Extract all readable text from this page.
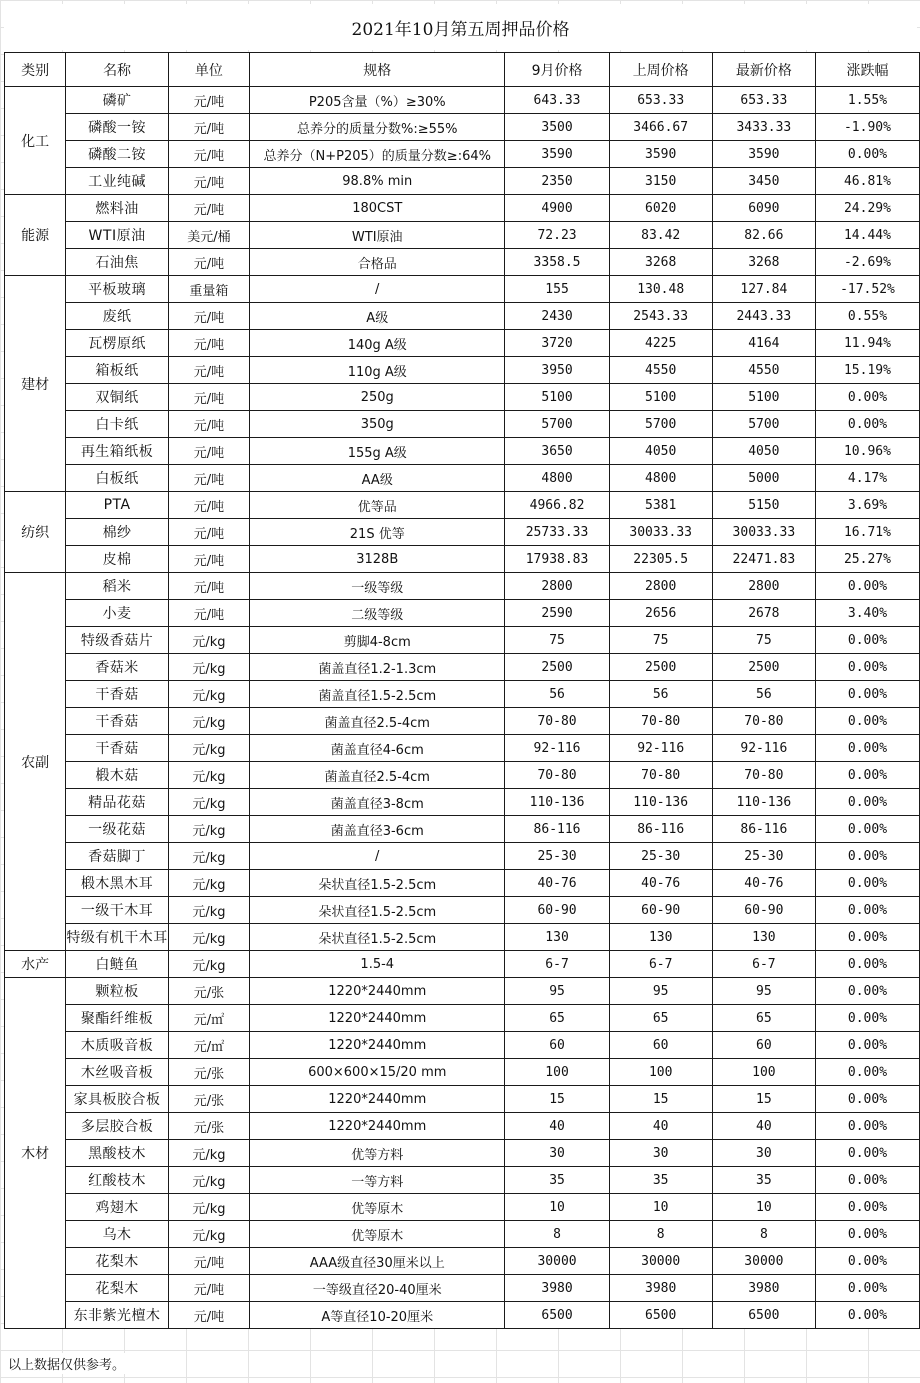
2021年10月第五周押品价格
类别	名称	单位	规格	9月价格	上周价格	最新价格	涨跌幅
化工	磷矿	元/吨	P205含量（%）≥30%	643.33	653.33	653.33	1.55%
	磷酸一铵	元/吨	总养分的质量分数%:≥55%	3500	3466.67	3433.33	-1.90%
	磷酸二铵	元/吨	总养分（N+P205）的质量分数≥:64%	3590	3590	3590	0.00%
	工业纯碱	元/吨	98.8% min	2350	3150	3450	46.81%
能源	燃料油	元/吨	180CST	4900	6020	6090	24.29%
	WTI原油	美元/桶	WTI原油	72.23	83.42	82.66	14.44%
	石油焦	元/吨	合格品	3358.5	3268	3268	-2.69%
建材	平板玻璃	重量箱	/	155	130.48	127.84	-17.52%
	废纸	元/吨	A级	2430	2543.33	2443.33	0.55%
	瓦楞原纸	元/吨	140g A级	3720	4225	4164	11.94%
	箱板纸	元/吨	110g A级	3950	4550	4550	15.19%
	双铜纸	元/吨	250g	5100	5100	5100	0.00%
	白卡纸	元/吨	350g	5700	5700	5700	0.00%
	再生箱纸板	元/吨	155g A级	3650	4050	4050	10.96%
	白板纸	元/吨	AA级	4800	4800	5000	4.17%
纺织	PTA	元/吨	优等品	4966.82	5381	5150	3.69%
	棉纱	元/吨	21S 优等	25733.33	30033.33	30033.33	16.71%
	皮棉	元/吨	3128B	17938.83	22305.5	22471.83	25.27%
农副	稻米	元/吨	一级等级	2800	2800	2800	0.00%
	小麦	元/吨	二级等级	2590	2656	2678	3.40%
	特级香菇片	元/kg	剪脚4-8cm	75	75	75	0.00%
	香菇米	元/kg	菌盖直径1.2-1.3cm	2500	2500	2500	0.00%
	干香菇	元/kg	菌盖直径1.5-2.5cm	56	56	56	0.00%
	干香菇	元/kg	菌盖直径2.5-4cm	70-80	70-80	70-80	0.00%
	干香菇	元/kg	菌盖直径4-6cm	92-116	92-116	92-116	0.00%
	椴木菇	元/kg	菌盖直径2.5-4cm	70-80	70-80	70-80	0.00%
	精品花菇	元/kg	菌盖直径3-8cm	110-136	110-136	110-136	0.00%
	一级花菇	元/kg	菌盖直径3-6cm	86-116	86-116	86-116	0.00%
	香菇脚丁	元/kg	/	25-30	25-30	25-30	0.00%
	椴木黑木耳	元/kg	朵状直径1.5-2.5cm	40-76	40-76	40-76	0.00%
	一级干木耳	元/kg	朵状直径1.5-2.5cm	60-90	60-90	60-90	0.00%
	特级有机干木耳	元/kg	朵状直径1.5-2.5cm	130	130	130	0.00%
水产	白鲢鱼	元/kg	1.5-4	6-7	6-7	6-7	0.00%
木材	颗粒板	元/张	1220*2440mm	95	95	95	0.00%
	聚酯纤维板	元/㎡	1220*2440mm	65	65	65	0.00%
	木质吸音板	元/㎡	1220*2440mm	60	60	60	0.00%
	木丝吸音板	元/张	600×600×15/20 mm	100	100	100	0.00%
	家具板胶合板	元/张	1220*2440mm	15	15	15	0.00%
	多层胶合板	元/张	1220*2440mm	40	40	40	0.00%
	黑酸枝木	元/kg	优等方料	30	30	30	0.00%
	红酸枝木	元/kg	一等方料	35	35	35	0.00%
	鸡翅木	元/kg	优等原木	10	10	10	0.00%
	乌木	元/kg	优等原木	8	8	8	0.00%
	花梨木	元/吨	AAA级直径30厘米以上	30000	30000	30000	0.00%
	花梨木	元/吨	一等级直径20-40厘米	3980	3980	3980	0.00%
	东非紫光檀木	元/吨	A等直径10-20厘米	6500	6500	6500	0.00%
以上数据仅供参考。
